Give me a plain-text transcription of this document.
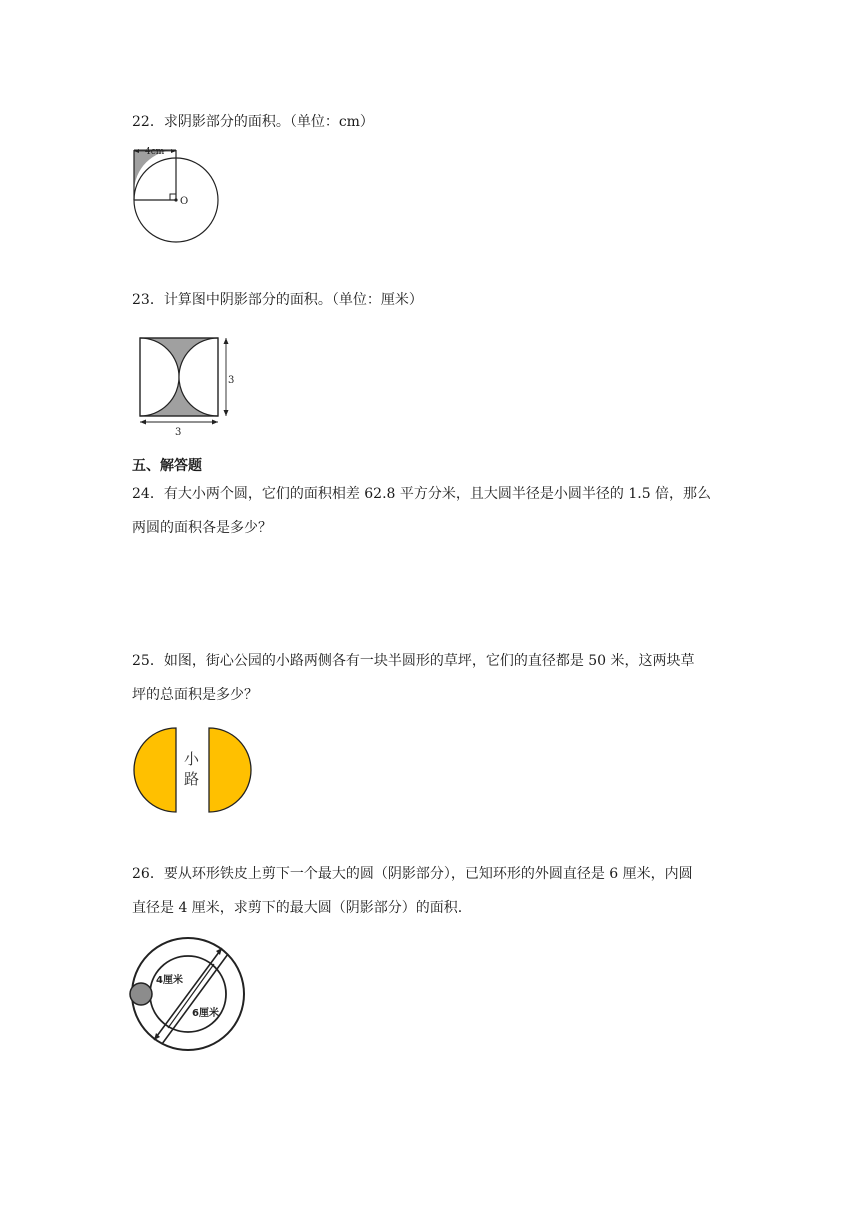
22．求阴影部分的面积。（单位：cm）
4cm
O
23．计算图中阴影部分的面积。（单位：厘米）
3
3
五、解答题
24．有大小两个圆，它们的面积相差 62.8 平方分米，且大圆半径是小圆半径的 1.5 倍，那么
两圆的面积各是多少？
25．如图，街心公园的小路两侧各有一块半圆形的草坪，它们的直径都是 50 米，这两块草
坪的总面积是多少？
小
路
26．要从环形铁皮上剪下一个最大的圆（阴影部分），已知环形的外圆直径是 6 厘米，内圆
直径是 4 厘米，求剪下的最大圆（阴影部分）的面积.
4厘米
6厘米
